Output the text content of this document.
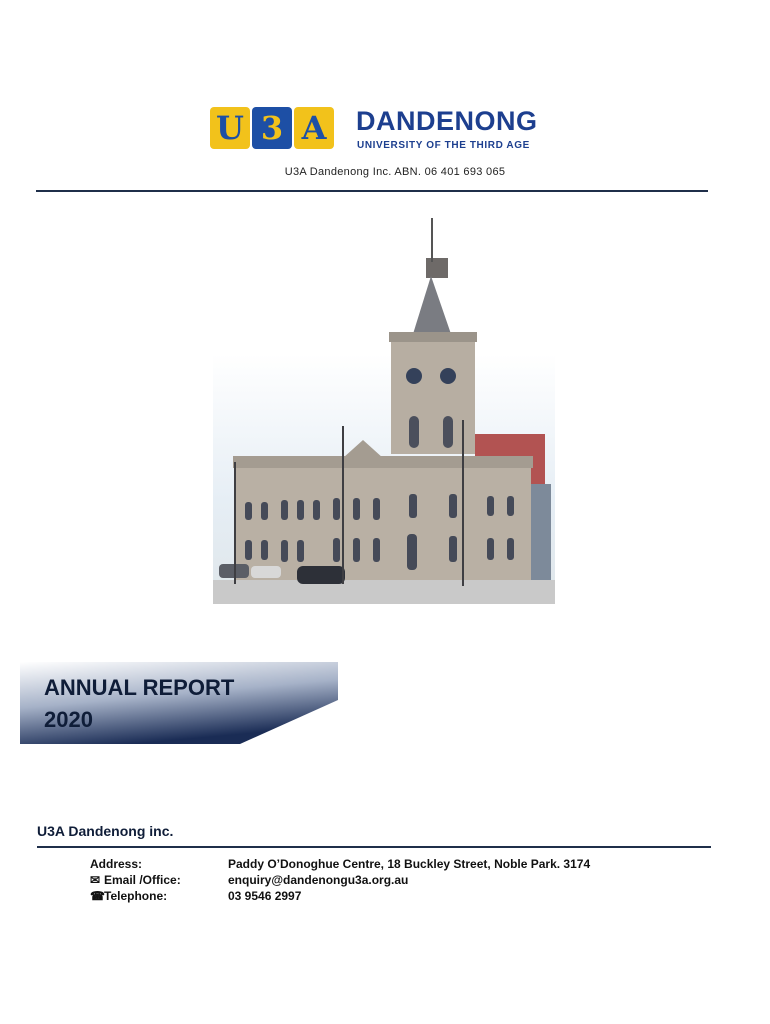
U 3 A DANDENONG
UNIVERSITY OF THE THIRD AGE
U3A Dandenong Inc. ABN. 06 401 693 065
ANNUAL REPORT
2020
U3A Dandenong inc.
Address:
✉ Email /Office:
☎Telephone:
Paddy O’Donoghue Centre, 18 Buckley Street, Noble Park. 3174
enquiry@dandenongu3a.org.au
03 9546 2997
